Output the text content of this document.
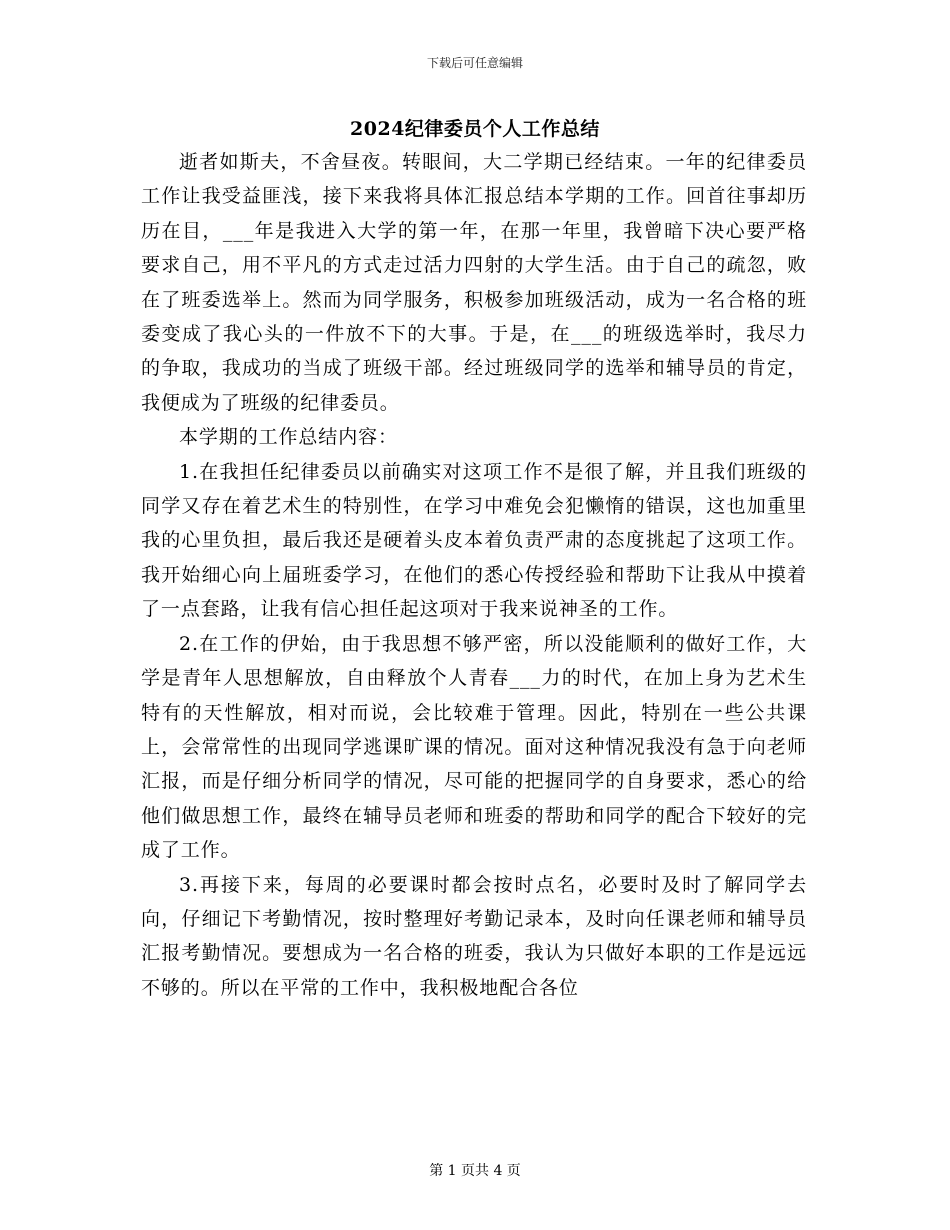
下载后可任意编辑
2024纪律委员个人工作总结

逝者如斯夫，不舍昼夜。转眼间，大二学期已经结束。一年的纪律委员工作让我受益匪浅，接下来我将具体汇报总结本学期的工作。回首往事却历历在目，___年是我进入大学的第一年，在那一年里，我曾暗下决心要严格要求自己，用不平凡的方式走过活力四射的大学生活。由于自己的疏忽，败在了班委选举上。然而为同学服务，积极参加班级活动，成为一名合格的班委变成了我心头的一件放不下的大事。于是，在___的班级选举时，我尽力的争取，我成功的当成了班级干部。经过班级同学的选举和辅导员的肯定，我便成为了班级的纪律委员。

本学期的工作总结内容：

1.在我担任纪律委员以前确实对这项工作不是很了解，并且我们班级的同学又存在着艺术生的特别性，在学习中难免会犯懒惰的错误，这也加重里我的心里负担，最后我还是硬着头皮本着负责严肃的态度挑起了这项工作。我开始细心向上届班委学习，在他们的悉心传授经验和帮助下让我从中摸着了一点套路，让我有信心担任起这项对于我来说神圣的工作。

2.在工作的伊始，由于我思想不够严密，所以没能顺利的做好工作，大学是青年人思想解放，自由释放个人青春___力的时代，在加上身为艺术生特有的天性解放，相对而说，会比较难于管理。因此，特别在一些公共课上，会常常性的出现同学逃课旷课的情况。面对这种情况我没有急于向老师汇报，而是仔细分析同学的情况，尽可能的把握同学的自身要求，悉心的给他们做思想工作，最终在辅导员老师和班委的帮助和同学的配合下较好的完成了工作。

3.再接下来，每周的必要课时都会按时点名，必要时及时了解同学去向，仔细记下考勤情况，按时整理好考勤记录本，及时向任课老师和辅导员汇报考勤情况。要想成为一名合格的班委，我认为只做好本职的工作是远远不够的。所以在平常的工作中，我积极地配合各位

第 1 页共 4 页
